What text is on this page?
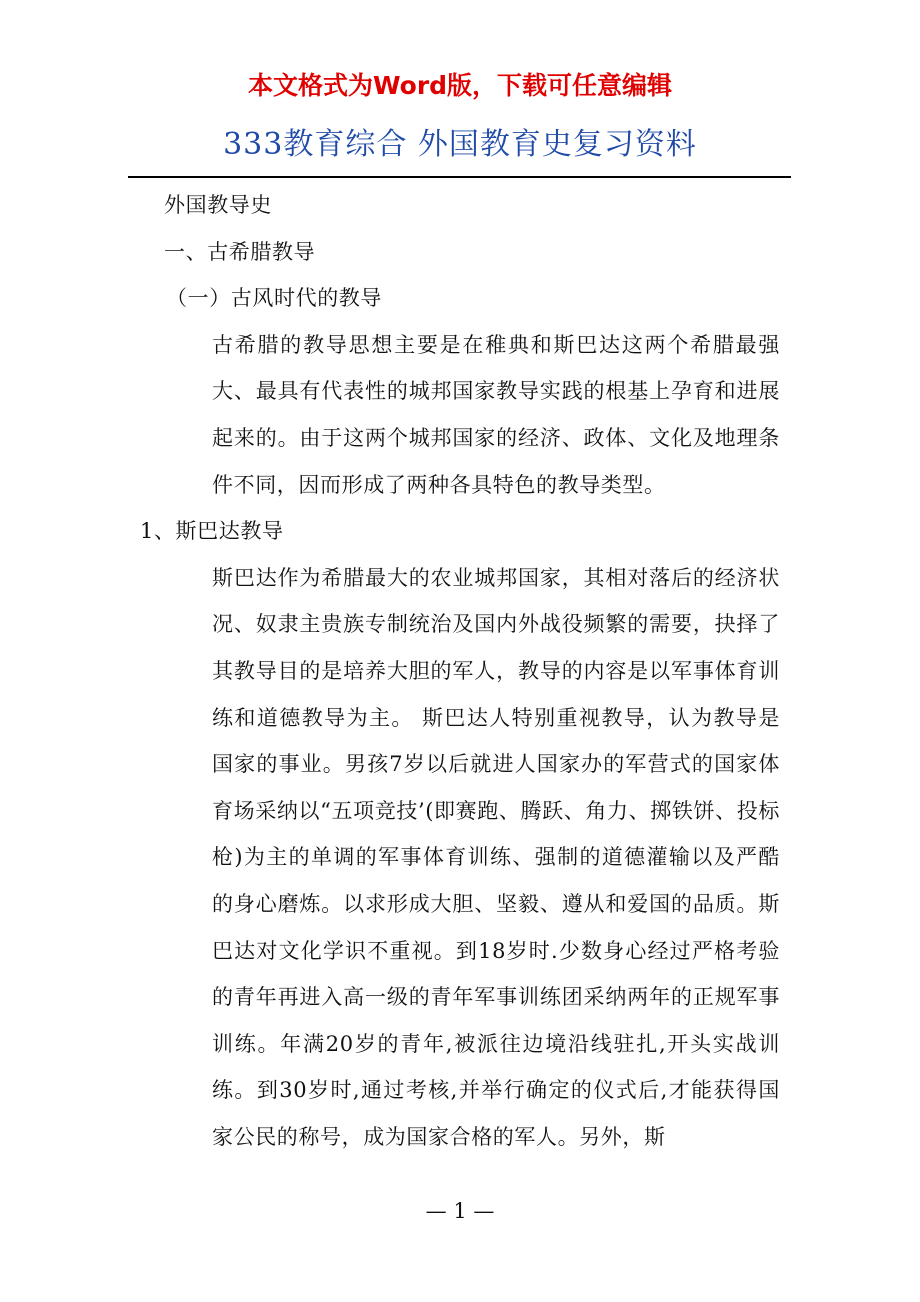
本文格式为Word版，下载可任意编辑
333教育综合 外国教育史复习资料

外国教导史

一、古希腊教导

（一）古风时代的教导

古希腊的教导思想主要是在稚典和斯巴达这两个希腊最强大、最具有代表性的城邦国家教导实践的根基上孕育和进展起来的。由于这两个城邦国家的经济、政体、文化及地理条件不同，因而形成了两种各具特色的教导类型。

1、斯巴达教导

斯巴达作为希腊最大的农业城邦国家，其相对落后的经济状况、奴隶主贵族专制统治及国内外战役频繁的需要，抉择了其教导目的是培养大胆的军人，教导的内容是以军事体育训练和道德教导为主。 斯巴达人特别重视教导，认为教导是国家的事业。男孩7岁以后就进人国家办的军营式的国家体育场采纳以“五项竞技’(即赛跑、腾跃、角力、掷铁饼、投标枪)为主的单调的军事体育训练、强制的道德灌输以及严酷的身心磨炼。以求形成大胆、坚毅、遵从和爱国的品质。斯巴达对文化学识不重视。到18岁时.少数身心经过严格考验的青年再进入高一级的青年军事训练团采纳两年的正规军事训练。年满20岁的青年,被派往边境沿线驻扎,开头实战训练。到30岁时,通过考核,并举行确定的仪式后,才能获得国家公民的称号，成为国家合格的军人。另外，斯

— 1 —
